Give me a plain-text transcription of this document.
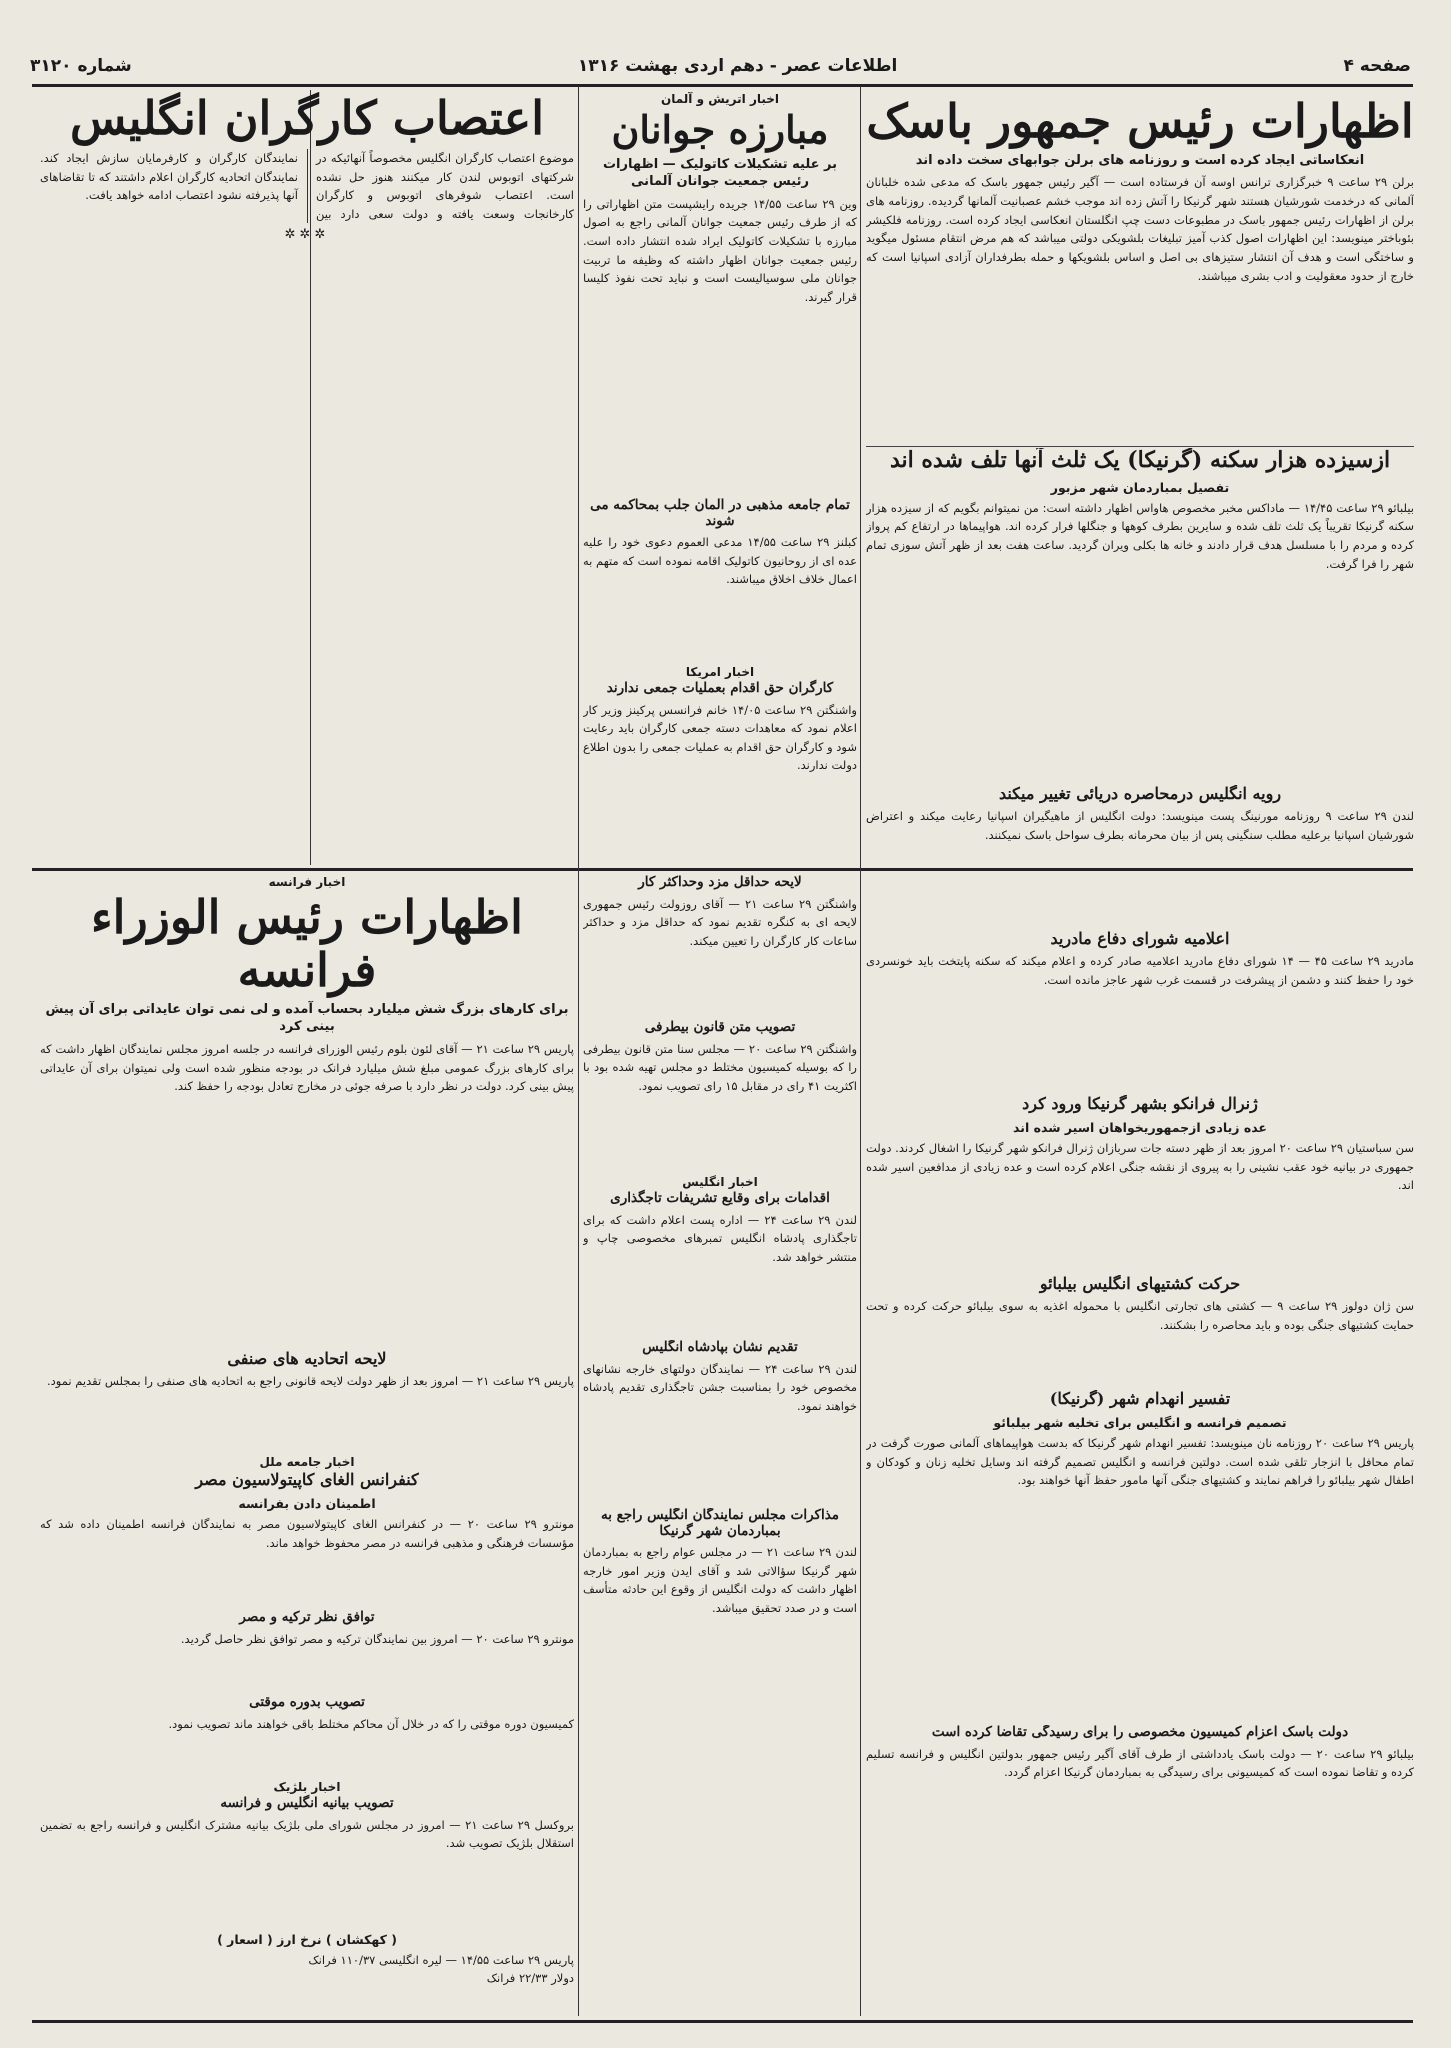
صفحه ۴
اطلاعات عصر - دهم اردی بهشت ۱۳۱۶
شماره ۳۱۲۰
اظهارات رئیس جمهور باسک
انعکاساتی ایجاد کرده است و روزنامه های برلن جوابهای سخت داده اند

برلن ۲۹ ساعت ۹ خبرگزاری ترانس اوسه آن فرستاده است — آگیر رئیس جمهور باسک که مدعی شده خلبانان آلمانی که درخدمت شورشیان هستند شهر گرنیکا را آتش زده اند موجب خشم عصبانیت آلمانها گردیده. روزنامه های برلن از اظهارات رئیس جمهور باسک در مطبوعات دست چپ انگلستان انعکاسی ایجاد کرده است. روزنامه فلکیشر بئوباختر مینویسد: این اظهارات اصول کذب آمیز تبلیغات بلشویکی دولتی میباشد که هم مرض انتقام مسئول میگوید و ساختگی است و هدف آن انتشار ستیزهای بی اصل و اساس بلشویکها و حمله بطرفداران آزادی اسپانیا است که خارج از حدود معقولیت و ادب بشری میباشند.

ازسیزده هزار سکنه (گرنیکا) یک ثلث آنها تلف شده اند
تفصیل بمباردمان شهر مزبور

بیلبائو ۲۹ ساعت ۱۴/۴۵ — ماداکس مخبر مخصوص هاواس اظهار داشته است: من نمیتوانم بگویم که از سیزده هزار سکنه گرنیکا تقریباً یک ثلث تلف شده و سایرین بطرف کوهها و جنگلها فرار کرده اند. هواپیماها در ارتفاع کم پرواز کرده و مردم را با مسلسل هدف قرار دادند و خانه ها بکلی ویران گردید. ساعت هفت بعد از ظهر آتش سوزی تمام شهر را فرا گرفت.

رویه انگلیس درمحاصره دریائی تغییر میکند

لندن ۲۹ ساعت ۹ روزنامه مورنینگ پست مینویسد: دولت انگلیس از ماهیگیران اسپانیا رعایت میکند و اعتراض شورشیان اسپانیا برعلیه مطلب سنگینی پس از بیان محرمانه بطرف سواحل باسک نمیکنند.

اعلامیه شورای دفاع مادرید

مادرید ۲۹ ساعت ۴۵ — ۱۴ شورای دفاع مادرید اعلامیه صادر کرده و اعلام میکند که سکنه پایتخت باید خونسردی خود را حفظ کنند و دشمن از پیشرفت در قسمت غرب شهر عاجز مانده است.

ژنرال فرانکو بشهر گرنیکا ورود کرد
عده زیادی ازجمهوریخواهان اسیر شده اند

سن سباستیان ۲۹ ساعت ۲۰ امروز بعد از ظهر دسته جات سربازان ژنرال فرانکو شهر گرنیکا را اشغال کردند. دولت جمهوری در بیانیه خود عقب نشینی را به پیروی از نقشه جنگی اعلام کرده است و عده زیادی از مدافعین اسیر شده اند.

حرکت کشتیهای انگلیس بیلبائو

سن ژان دولوز ۲۹ ساعت ۹ — کشتی های تجارتی انگلیس با محموله اغذیه به سوی بیلبائو حرکت کرده و تحت حمایت کشتیهای جنگی بوده و باید محاصره را بشکنند.

تفسیر انهدام شهر (گرنیکا)
تصمیم فرانسه و انگلیس برای تخلیه شهر بیلبائو

پاریس ۲۹ ساعت ۲۰ روزنامه نان مینویسد: تفسیر انهدام شهر گرنیکا که بدست هواپیماهای آلمانی صورت گرفت در تمام محافل با انزجار تلقی شده است. دولتین فرانسه و انگلیس تصمیم گرفته اند وسایل تخلیه زنان و کودکان و اطفال شهر بیلبائو را فراهم نمایند و کشتیهای جنگی آنها مامور حفظ آنها خواهند بود.

دولت باسک اعزام کمیسیون مخصوصی را برای رسیدگی تقاضا کرده است

بیلبائو ۲۹ ساعت ۲۰ — دولت باسک یادداشتی از طرف آقای آگیر رئیس جمهور بدولتین انگلیس و فرانسه تسلیم کرده و تقاضا نموده است که کمیسیونی برای رسیدگی به بمباردمان گرنیکا اعزام گردد.

اخبار اتریش و آلمان
مبارزه جوانان
بر علیه تشکیلات کاتولیک — اظهارات رئیس جمعیت جوانان آلمانی

وین ۲۹ ساعت ۱۴/۵۵ جریده رایشپست متن اظهاراتی را که از طرف رئیس جمعیت جوانان آلمانی راجع به اصول مبارزه با تشکیلات کاتولیک ایراد شده انتشار داده است. رئیس جمعیت جوانان اظهار داشته که وظیفه ما تربیت جوانان ملی سوسیالیست است و نباید تحت نفوذ کلیسا قرار گیرند.

تمام جامعه مذهبی در آلمان جلب بمحاکمه می شوند

کبلنز ۲۹ ساعت ۱۴/۵۵ مدعی العموم دعوی خود را علیه عده ای از روحانیون کاتولیک اقامه نموده است که متهم به اعمال خلاف اخلاق میباشند.

اخبار امریکا
کارگران حق اقدام بعملیات جمعی ندارند

واشنگتن ۲۹ ساعت ۱۴/۰۵ خانم فرانسس پرکینز وزیر کار اعلام نمود که معاهدات دسته جمعی کارگران باید رعایت شود و کارگران حق اقدام به عملیات جمعی را بدون اطلاع دولت ندارند.

لایحه حداقل مزد وحداکثر کار

واشنگتن ۲۹ ساعت ۲۱ — آقای روزولت رئیس جمهوری لایحه ای به کنگره تقدیم نمود که حداقل مزد و حداکثر ساعات کار کارگران را تعیین میکند.

تصویب متن قانون بیطرفی

واشنگتن ۲۹ ساعت ۲۰ — مجلس سنا متن قانون بیطرفی را که بوسیله کمیسیون مختلط دو مجلس تهیه شده بود با اکثریت ۴۱ رای در مقابل ۱۵ رای تصویب نمود.

اخبار انگلیس
اقدامات برای وقایع تشریفات تاجگذاری

لندن ۲۹ ساعت ۲۴ — اداره پست اعلام داشت که برای تاجگذاری پادشاه انگلیس تمبرهای مخصوصی چاپ و منتشر خواهد شد.

تقدیم نشان بپادشاه انگلیس

لندن ۲۹ ساعت ۲۴ — نمایندگان دولتهای خارجه نشانهای مخصوص خود را بمناسبت جشن تاجگذاری تقدیم پادشاه خواهند نمود.

مذاکرات مجلس نمایندگان انگلیس راجع به بمباردمان شهر گرنیکا

لندن ۲۹ ساعت ۲۱ — در مجلس عوام راجع به بمباردمان شهر گرنیکا سؤالاتی شد و آقای ایدن وزیر امور خارجه اظهار داشت که دولت انگلیس از وقوع این حادثه متأسف است و در صدد تحقیق میباشد.

اعتصاب کارگران انگلیس

موضوع اعتصاب کارگران انگلیس مخصوصاً آنهائیکه در شرکتهای اتوبوس لندن کار میکنند هنوز حل نشده است. اعتصاب شوفرهای اتوبوس و کارگران کارخانجات وسعت یافته و دولت سعی دارد بین نمایندگان کارگران و کارفرمایان سازش ایجاد کند. نمایندگان اتحادیه کارگران اعلام داشتند که تا تقاضاهای آنها پذیرفته نشود اعتصاب ادامه خواهد یافت.

✲✲✲
اخبار فرانسه
اظهارات رئیس الوزراء فرانسه
برای کارهای بزرگ شش میلیارد بحساب آمده و لی نمی توان عایداتی برای آن پیش بینی کرد

پاریس ۲۹ ساعت ۲۱ — آقای لئون بلوم رئیس الوزرای فرانسه در جلسه امروز مجلس نمایندگان اظهار داشت که برای کارهای بزرگ عمومی مبلغ شش میلیارد فرانک در بودجه منظور شده است ولی نمیتوان برای آن عایداتی پیش بینی کرد. دولت در نظر دارد با صرفه جوئی در مخارج تعادل بودجه را حفظ کند.

لایحه اتحادیه های صنفی

پاریس ۲۹ ساعت ۲۱ — امروز بعد از ظهر دولت لایحه قانونی راجع به اتحادیه های صنفی را بمجلس تقدیم نمود.

اخبار جامعه ملل
کنفرانس الغای کاپیتولاسیون مصر
اطمینان دادن بفرانسه

مونترو ۲۹ ساعت ۲۰ — در کنفرانس الغای کاپیتولاسیون مصر به نمایندگان فرانسه اطمینان داده شد که مؤسسات فرهنگی و مذهبی فرانسه در مصر محفوظ خواهد ماند.

توافق نظر ترکیه و مصر

مونترو ۲۹ ساعت ۲۰ — امروز بین نمایندگان ترکیه و مصر توافق نظر حاصل گردید.

تصویب بدوره موقتی

کمیسیون دوره موقتی را که در خلال آن محاکم مختلط باقی خواهند ماند تصویب نمود.

اخبار بلژیک
تصویب بیانیه انگلیس و فرانسه

بروکسل ۲۹ ساعت ۲۱ — امروز در مجلس شورای ملی بلژیک بیانیه مشترک انگلیس و فرانسه راجع به تضمین استقلال بلژیک تصویب شد.

( کهکشان ) نرخ ارز ( اسعار )

پاریس ۲۹ ساعت ۱۴/۵۵ — لیره انگلیسی ۱۱۰/۳۷ فرانک

دولار ۲۲/۳۳ فرانک
